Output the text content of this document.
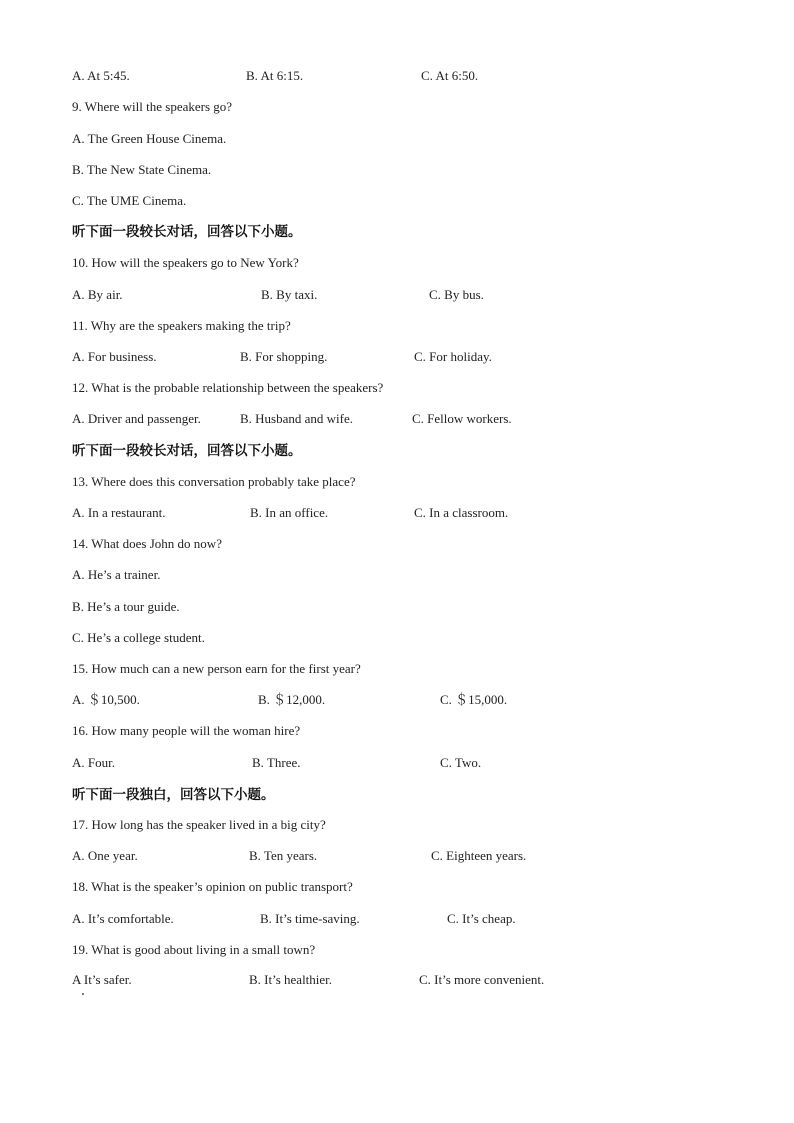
A. At 5:45.	B. At 6:15.	C. At 6:50.
9. Where will the speakers go?
A. The Green House Cinema.
B. The New State Cinema.
C. The UME Cinema.
听下面一段较长对话，回答以下小题。
10. How will the speakers go to New York?
A. By air.	B. By taxi.	C. By bus.
11. Why are the speakers making the trip?
A. For business.	B. For shopping.	C. For holiday.
12. What is the probable relationship between the speakers?
A. Driver and passenger.	B. Husband and wife.	C. Fellow workers.
听下面一段较长对话，回答以下小题。
13. Where does this conversation probably take place?
A. In a restaurant.	B. In an office.	C. In a classroom.
14. What does John do now?
A. He’s a trainer.
B. He’s a tour guide.
C. He’s a college student.
15. How much can a new person earn for the first year?
A. ＄10,500.	B. ＄12,000.	C. ＄15,000.
16. How many people will the woman hire?
A. Four.	B. Three.	C. Two.
听下面一段独白，回答以下小题。
17. How long has the speaker lived in a big city?
A. One year.	B. Ten years.	C. Eighteen years.
18. What is the speaker’s opinion on public transport?
A. It’s comfortable.	B. It’s time-saving.	C. It’s cheap.
19. What is good about living in a small town?
A It’s safer.	B. It’s healthier.	C. It’s more convenient.
